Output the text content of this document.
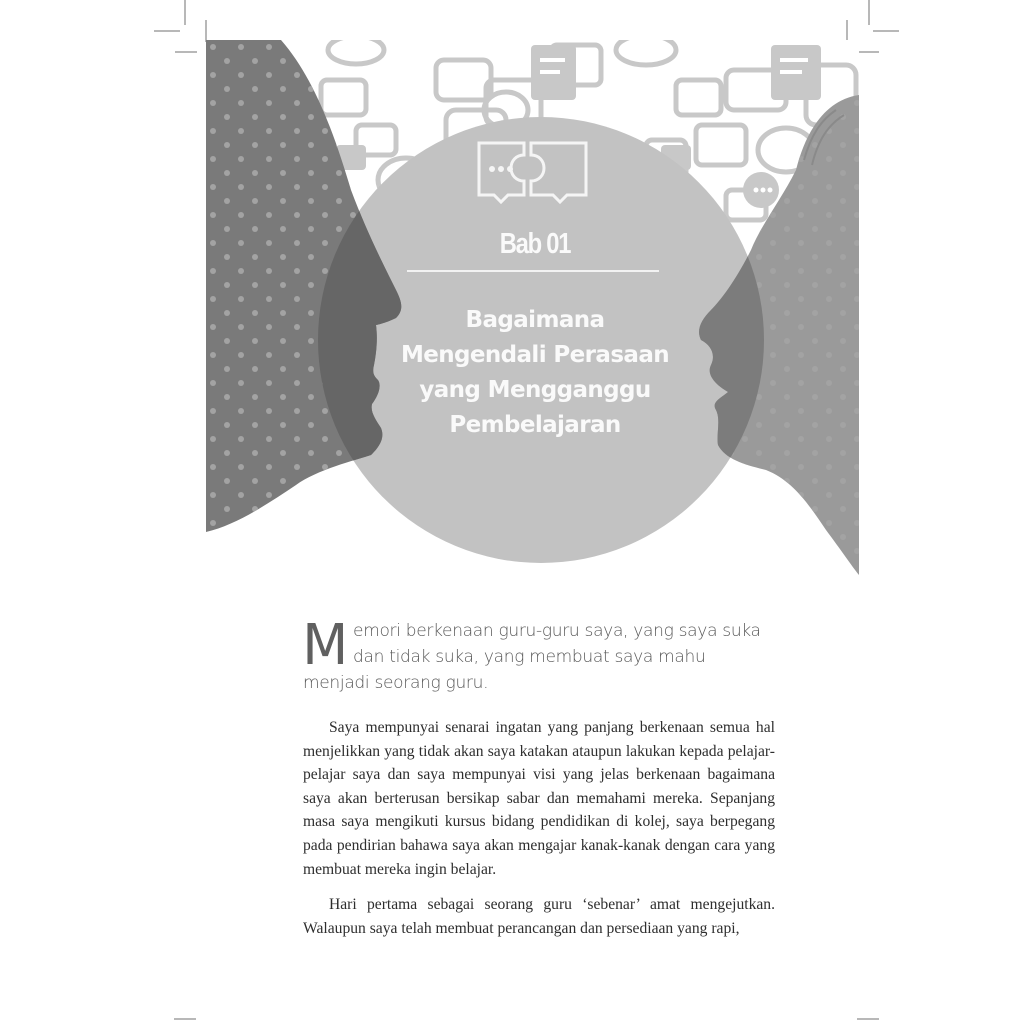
Bab 01
Bagaimana
Mengendali Perasaan
yang Mengganggu
Pembelajaran
Memori berkenaan guru-guru saya, yang saya suka dan tidak suka, yang membuat saya mahu menjadi seorang guru.

Saya mempunyai senarai ingatan yang panjang berkenaan semua hal menjelikkan yang tidak akan saya katakan ataupun lakukan kepada pelajar-pelajar saya dan saya mempunyai visi yang jelas berkenaan bagaimana saya akan berterusan bersikap sabar dan memahami mereka. Sepanjang masa saya mengikuti kursus bidang pendidikan di kolej, saya berpegang pada pendirian bahawa saya akan mengajar kanak-kanak dengan cara yang membuat mereka ingin belajar.

Hari pertama sebagai seorang guru ‘sebenar’ amat mengejutkan. Walaupun saya telah membuat perancangan dan persediaan yang rapi,
